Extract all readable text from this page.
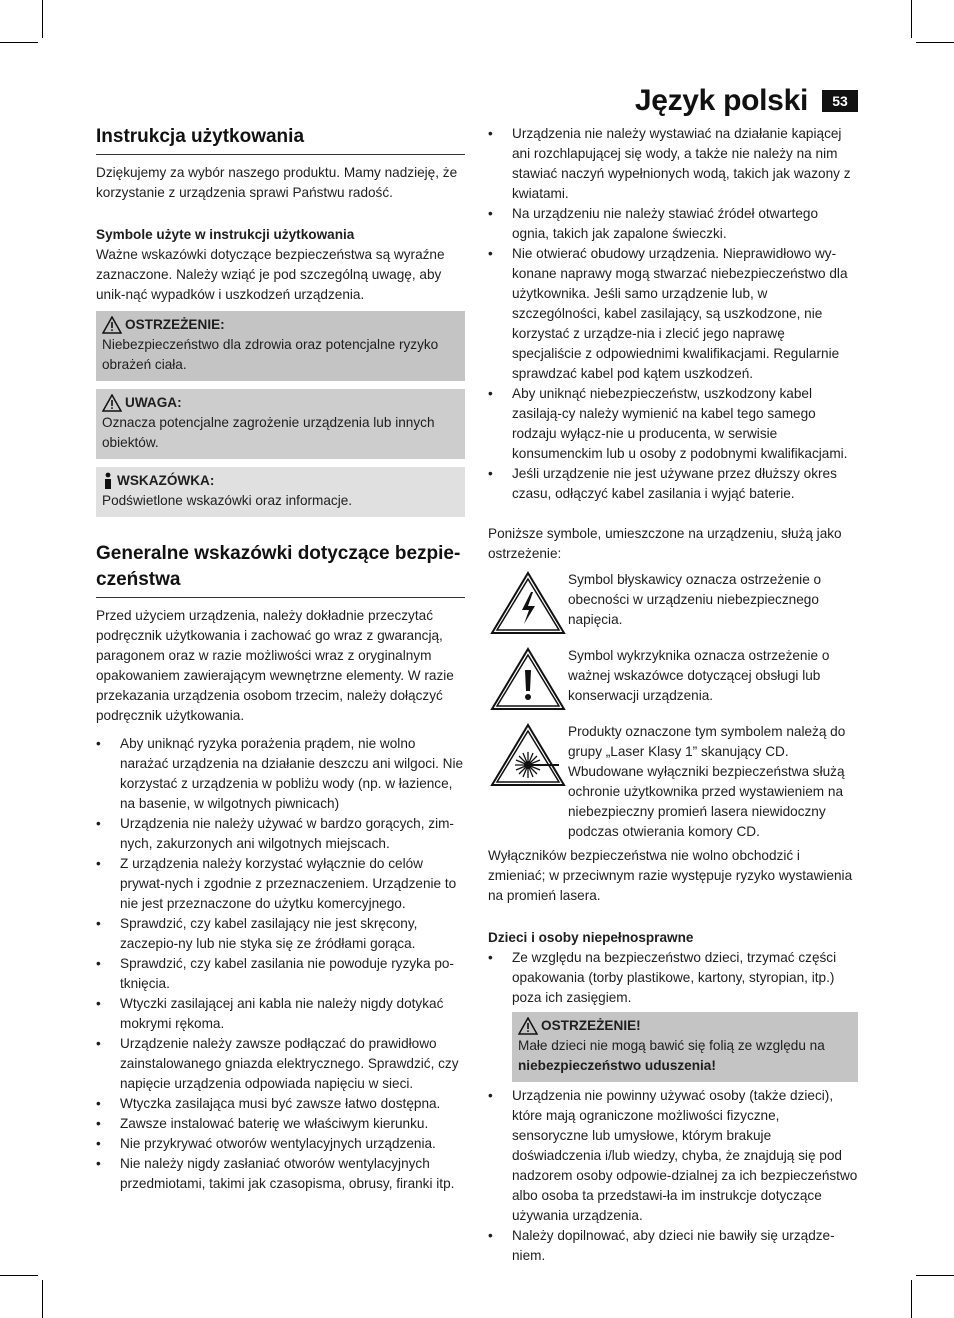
Język polski	53
Instrukcja użytkowania

Dziękujemy za wybór naszego produktu. Mamy nadzieję, że korzystanie z urządzenia sprawi Państwu radość.

Symbole użyte w instrukcji użytkowania

Ważne wskazówki dotyczące bezpieczeństwa są wyraźne zaznaczone. Należy wziąć je pod szczególną uwagę, aby unik-nąć wypadków i uszkodzeń urządzenia.

OSTRZEŻENIE:
Niebezpieczeństwo dla zdrowia oraz potencjalne ryzyko obrażeń ciała.
UWAGA:
Oznacza potencjalne zagrożenie urządzenia lub innych obiektów.
WSKAZÓWKA:
Podświetlone wskazówki oraz informacje.
Generalne wskazówki dotyczące bezpie-czeństwa

Przed użyciem urządzenia, należy dokładnie przeczytać podręcznik użytkowania i zachować go wraz z gwarancją, paragonem oraz w razie możliwości wraz z oryginalnym opakowaniem zawierającym wewnętrzne elementy. W razie przekazania urządzenia osobom trzecim, należy dołączyć podręcznik użytkowania.

• Aby uniknąć ryzyka porażenia prądem, nie wolno narażać urządzenia na działanie deszczu ani wilgoci. Nie korzystać z urządzenia w pobliżu wody (np. w łazience, na basenie, w wilgotnych piwnicach)
• Urządzenia nie należy używać w bardzo gorących, zim-nych, zakurzonych ani wilgotnych miejscach.
• Z urządzenia należy korzystać wyłącznie do celów prywat-nych i zgodnie z przeznaczeniem. Urządzenie to nie jest przeznaczone do użytku komercyjnego.
• Sprawdzić, czy kabel zasilający nie jest skręcony, zaczepio-ny lub nie styka się ze źródłami gorąca.
• Sprawdzić, czy kabel zasilania nie powoduje ryzyka po-tknięcia.
• Wtyczki zasilającej ani kabla nie należy nigdy dotykać mokrymi rękoma.
• Urządzenie należy zawsze podłączać do prawidłowo zainstalowanego gniazda elektrycznego. Sprawdzić, czy napięcie urządzenia odpowiada napięciu w sieci.
• Wtyczka zasilająca musi być zawsze łatwo dostępna.
• Zawsze instalować baterię we właściwym kierunku.
• Nie przykrywać otworów wentylacyjnych urządzenia.
• Nie należy nigdy zasłaniać otworów wentylacyjnych przedmiotami, takimi jak czasopisma, obrusy, firanki itp.
• Urządzenia nie należy wystawiać na działanie kapiącej ani rozchlapującej się wody, a także nie należy na nim stawiać naczyń wypełnionych wodą, takich jak wazony z kwiatami.
• Na urządzeniu nie należy stawiać źródeł otwartego ognia, takich jak zapalone świeczki.
• Nie otwierać obudowy urządzenia. Nieprawidłowo wy-konane naprawy mogą stwarzać niebezpieczeństwo dla użytkownika. Jeśli samo urządzenie lub, w szczególności, kabel zasilający, są uszkodzone, nie korzystać z urządze-nia i zlecić jego naprawę specjaliście z odpowiednimi kwalifikacjami. Regularnie sprawdzać kabel pod kątem uszkodzeń.
• Aby uniknąć niebezpieczeństw, uszkodzony kabel zasilają-cy należy wymienić na kabel tego samego rodzaju wyłącz-nie u producenta, w serwisie konsumenckim lub u osoby z podobnymi kwalifikacjami.
• Jeśli urządzenie nie jest używane przez dłuższy okres czasu, odłączyć kabel zasilania i wyjąć baterie.

Poniższe symbole, umieszczone na urządzeniu, służą jako ostrzeżenie:

Symbol błyskawicy oznacza ostrzeżenie o obecności w urządzeniu niebezpiecznego napięcia.
Symbol wykrzyknika oznacza ostrzeżenie o ważnej wskazówce dotyczącej obsługi lub konserwacji urządzenia.
Produkty oznaczone tym symbolem należą do grupy „Laser Klasy 1” skanujący CD. Wbudowane wyłączniki bezpieczeństwa służą ochronie użytkownika przed wystawieniem na niebezpieczny promień lasera niewidoczny podczas otwierania komory CD.

Wyłączników bezpieczeństwa nie wolno obchodzić i zmieniać; w przeciwnym razie występuje ryzyko wystawienia na promień lasera.

Dzieci i osoby niepełnosprawne
• Ze względu na bezpieczeństwo dzieci, trzymać części opakowania (torby plastikowe, kartony, styropian, itp.) poza ich zasięgiem.
OSTRZEŻENIE!
Małe dzieci nie mogą bawić się folią ze względu na
niebezpieczeństwo uduszenia!
• Urządzenia nie powinny używać osoby (także dzieci), które mają ograniczone możliwości fizyczne, sensoryczne lub umysłowe, którym brakuje doświadczenia i/lub wiedzy, chyba, że znajdują się pod nadzorem osoby odpowie-dzialnej za ich bezpieczeństwo albo osoba ta przedstawi-ła im instrukcje dotyczące używania urządzenia.
• Należy dopilnować, aby dzieci nie bawiły się urządze-niem.
